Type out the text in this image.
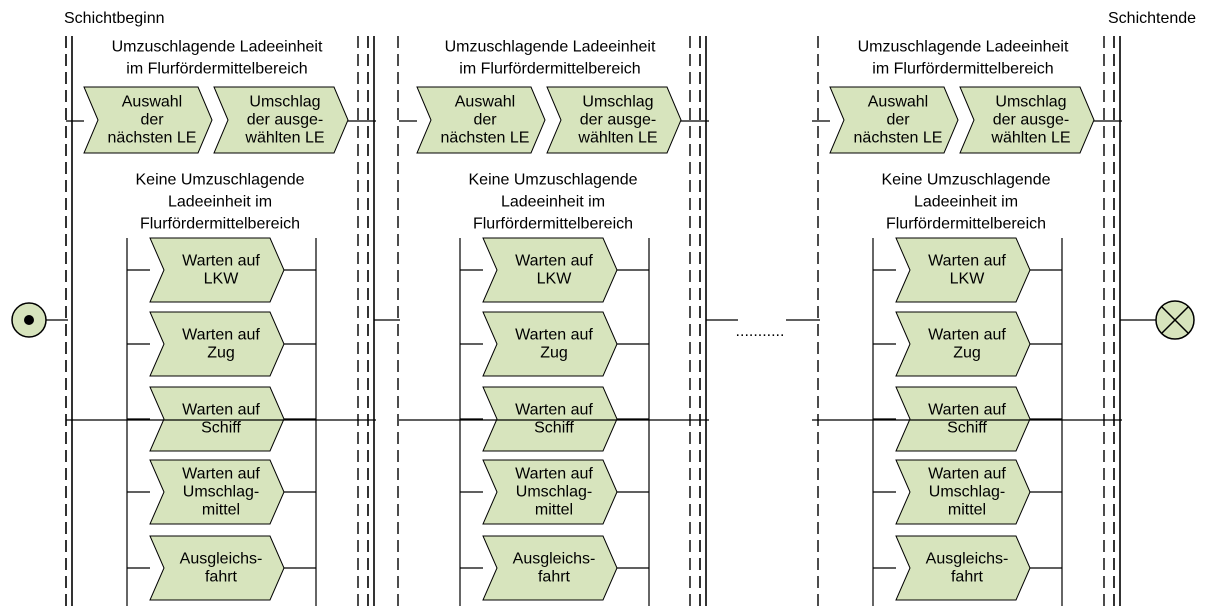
Schichtbeginn	Schichtende
Umzuschlagende Ladeeinheit
im Flurfördermittelbereich
Auswahl
der
nächsten LE
Umschlag
der ausge-
wählten LE
Keine Umzuschlagende
Ladeeinheit im
Flurfördermittelbereich
Warten auf
LKW
Warten auf
Zug
Warten auf
Schiff
Warten auf
Umschlag-
mittel
Ausgleichs-
fahrt
Umzuschlagende Ladeeinheit
im Flurfördermittelbereich
Auswahl
der
nächsten LE
Umschlag
der ausge-
wählten LE
Keine Umzuschlagende
Ladeeinheit im
Flurfördermittelbereich
Warten auf
LKW
Warten auf
Zug
Warten auf
Schiff
Warten auf
Umschlag-
mittel
Ausgleichs-
fahrt
Umzuschlagende Ladeeinheit
im Flurfördermittelbereich
Auswahl
der
nächsten LE
Umschlag
der ausge-
wählten LE
Keine Umzuschlagende
Ladeeinheit im
Flurfördermittelbereich
Warten auf
LKW
Warten auf
Zug
Warten auf
Schiff
Warten auf
Umschlag-
mittel
Ausgleichs-
fahrt
...........
